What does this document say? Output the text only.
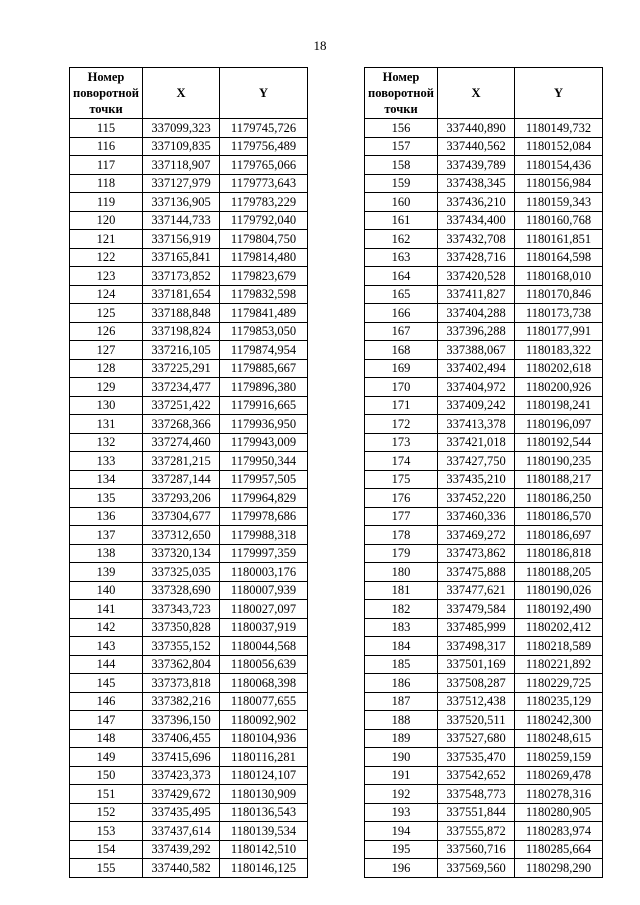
18
Номер
поворотной
точки	X	Y
115	337099,323	1179745,726
116	337109,835	1179756,489
117	337118,907	1179765,066
118	337127,979	1179773,643
119	337136,905	1179783,229
120	337144,733	1179792,040
121	337156,919	1179804,750
122	337165,841	1179814,480
123	337173,852	1179823,679
124	337181,654	1179832,598
125	337188,848	1179841,489
126	337198,824	1179853,050
127	337216,105	1179874,954
128	337225,291	1179885,667
129	337234,477	1179896,380
130	337251,422	1179916,665
131	337268,366	1179936,950
132	337274,460	1179943,009
133	337281,215	1179950,344
134	337287,144	1179957,505
135	337293,206	1179964,829
136	337304,677	1179978,686
137	337312,650	1179988,318
138	337320,134	1179997,359
139	337325,035	1180003,176
140	337328,690	1180007,939
141	337343,723	1180027,097
142	337350,828	1180037,919
143	337355,152	1180044,568
144	337362,804	1180056,639
145	337373,818	1180068,398
146	337382,216	1180077,655
147	337396,150	1180092,902
148	337406,455	1180104,936
149	337415,696	1180116,281
150	337423,373	1180124,107
151	337429,672	1180130,909
152	337435,495	1180136,543
153	337437,614	1180139,534
154	337439,292	1180142,510
155	337440,582	1180146,125
Номер
поворотной
точки	X	Y
156	337440,890	1180149,732
157	337440,562	1180152,084
158	337439,789	1180154,436
159	337438,345	1180156,984
160	337436,210	1180159,343
161	337434,400	1180160,768
162	337432,708	1180161,851
163	337428,716	1180164,598
164	337420,528	1180168,010
165	337411,827	1180170,846
166	337404,288	1180173,738
167	337396,288	1180177,991
168	337388,067	1180183,322
169	337402,494	1180202,618
170	337404,972	1180200,926
171	337409,242	1180198,241
172	337413,378	1180196,097
173	337421,018	1180192,544
174	337427,750	1180190,235
175	337435,210	1180188,217
176	337452,220	1180186,250
177	337460,336	1180186,570
178	337469,272	1180186,697
179	337473,862	1180186,818
180	337475,888	1180188,205
181	337477,621	1180190,026
182	337479,584	1180192,490
183	337485,999	1180202,412
184	337498,317	1180218,589
185	337501,169	1180221,892
186	337508,287	1180229,725
187	337512,438	1180235,129
188	337520,511	1180242,300
189	337527,680	1180248,615
190	337535,470	1180259,159
191	337542,652	1180269,478
192	337548,773	1180278,316
193	337551,844	1180280,905
194	337555,872	1180283,974
195	337560,716	1180285,664
196	337569,560	1180298,290
